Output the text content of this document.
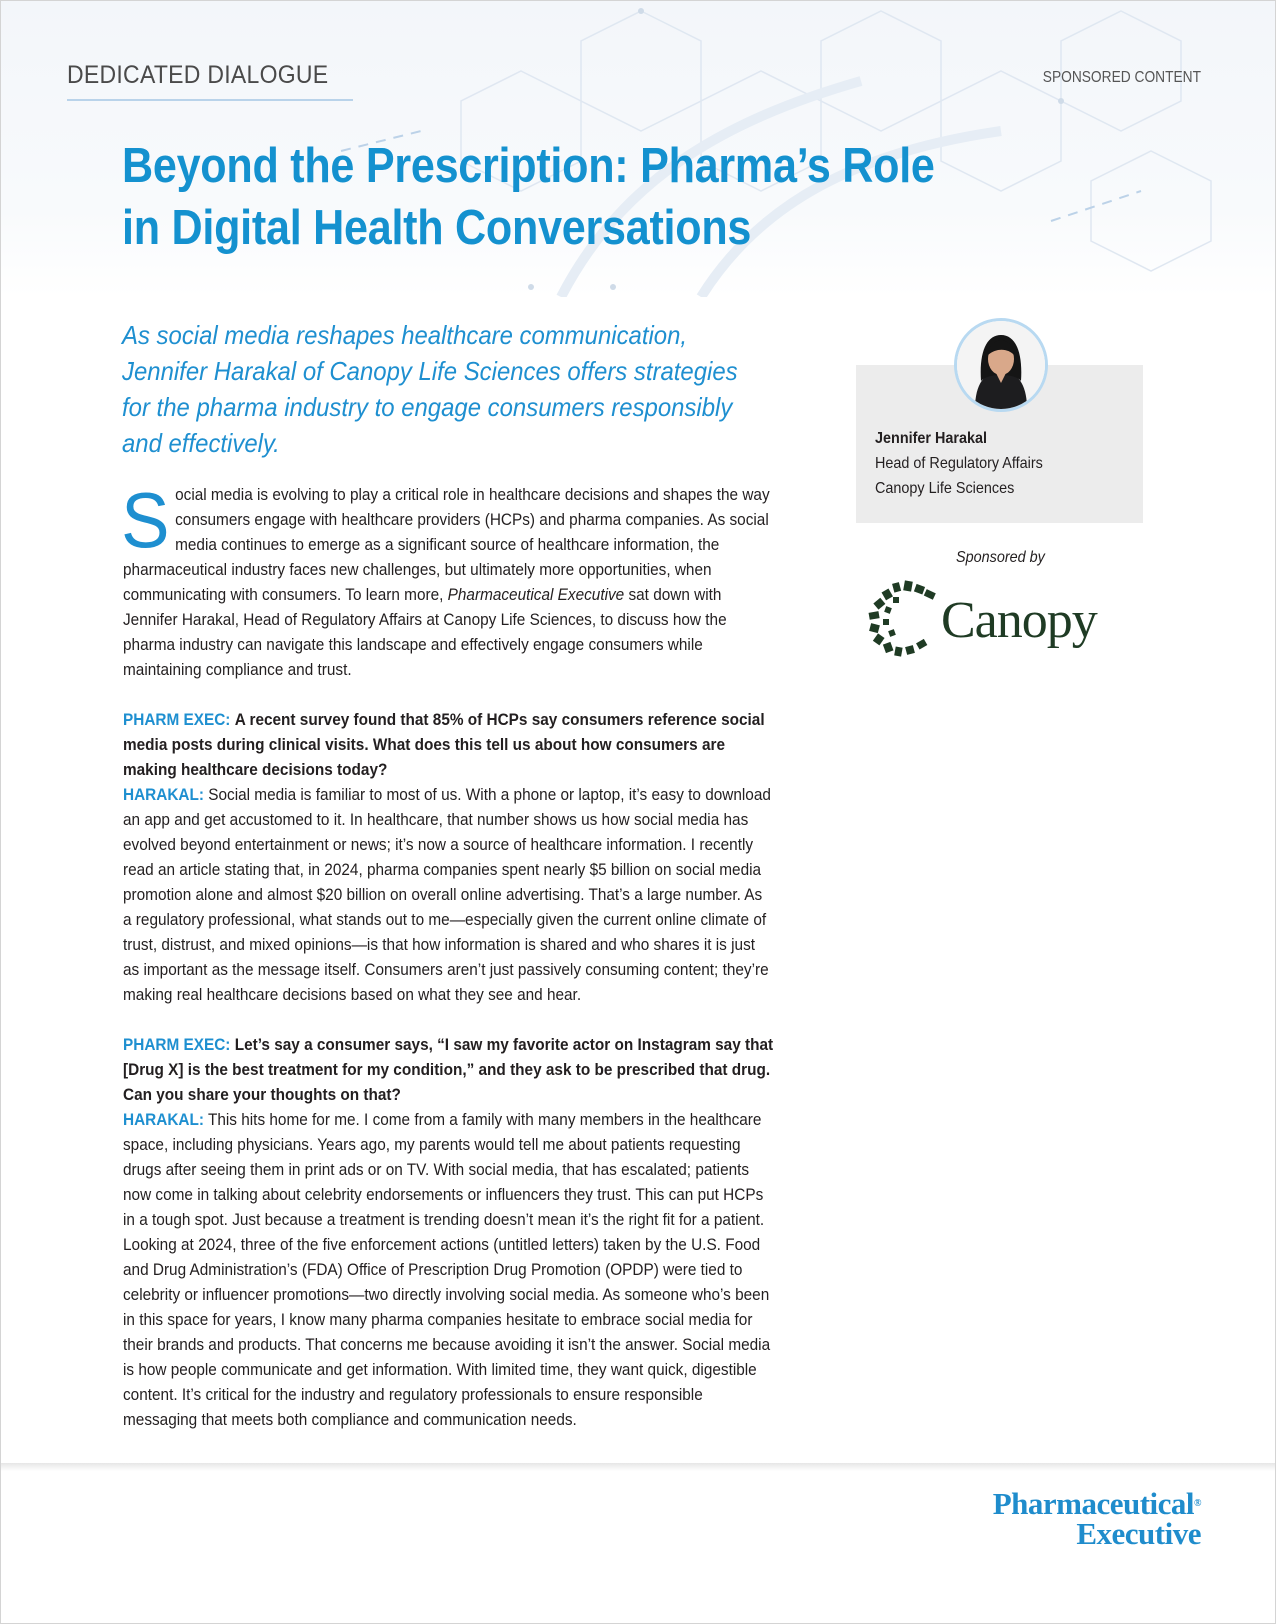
DEDICATED DIALOGUE	SPONSORED CONTENT
Beyond the Prescription: Pharma’s Role in Digital Health Conversations

As social media reshapes healthcare communication, Jennifer Harakal of Canopy Life Sciences offers strategies for the pharma industry to engage consumers responsibly and effectively.

Social media is evolving to play a critical role in healthcare decisions and shapes the way consumers engage with healthcare providers (HCPs) and pharma companies. As social media continues to emerge as a significant source of healthcare information, the pharmaceutical industry faces new challenges, but ultimately more opportunities, when communicating with consumers. To learn more, Pharmaceutical Executive sat down with Jennifer Harakal, Head of Regulatory Affairs at Canopy Life Sciences, to discuss how the pharma industry can navigate this landscape and effectively engage consumers while maintaining compliance and trust.

PHARM EXEC: A recent survey found that 85% of HCPs say consumers reference social media posts during clinical visits. What does this tell us about how consumers are making healthcare decisions today?

HARAKAL: Social media is familiar to most of us. With a phone or laptop, it’s easy to download an app and get accustomed to it. In healthcare, that number shows us how social media has evolved beyond entertainment or news; it’s now a source of healthcare information. I recently read an article stating that, in 2024, pharma companies spent nearly $5 billion on social media promotion alone and almost $20 billion on overall online advertising. That’s a large number. As a regulatory professional, what stands out to me—especially given the current online climate of trust, distrust, and mixed opinions—is that how information is shared and who shares it is just as important as the message itself. Consumers aren’t just passively consuming content; they’re making real healthcare decisions based on what they see and hear.

PHARM EXEC: Let’s say a consumer says, “I saw my favorite actor on Instagram say that [Drug X] is the best treatment for my condition,” and they ask to be prescribed that drug. Can you share your thoughts on that?

HARAKAL: This hits home for me. I come from a family with many members in the healthcare space, including physicians. Years ago, my parents would tell me about patients requesting drugs after seeing them in print ads or on TV. With social media, that has escalated; patients now come in talking about celebrity endorsements or influencers they trust. This can put HCPs in a tough spot. Just because a treatment is trending doesn’t mean it’s the right fit for a patient. Looking at 2024, three of the five enforcement actions (untitled letters) taken by the U.S. Food and Drug Administration’s (FDA) Office of Prescription Drug Promotion (OPDP) were tied to celebrity or influencer promotions—two directly involving social media. As someone who’s been in this space for years, I know many pharma companies hesitate to embrace social media for their brands and products. That concerns me because avoiding it isn’t the answer. Social media is how people communicate and get information. With limited time, they want quick, digestible content. It’s critical for the industry and regulatory professionals to ensure responsible messaging that meets both compliance and communication needs.

Jennifer Harakal
Head of Regulatory Affairs
Canopy Life Sciences
Sponsored by
Canopy
Pharmaceutical®
Executive
